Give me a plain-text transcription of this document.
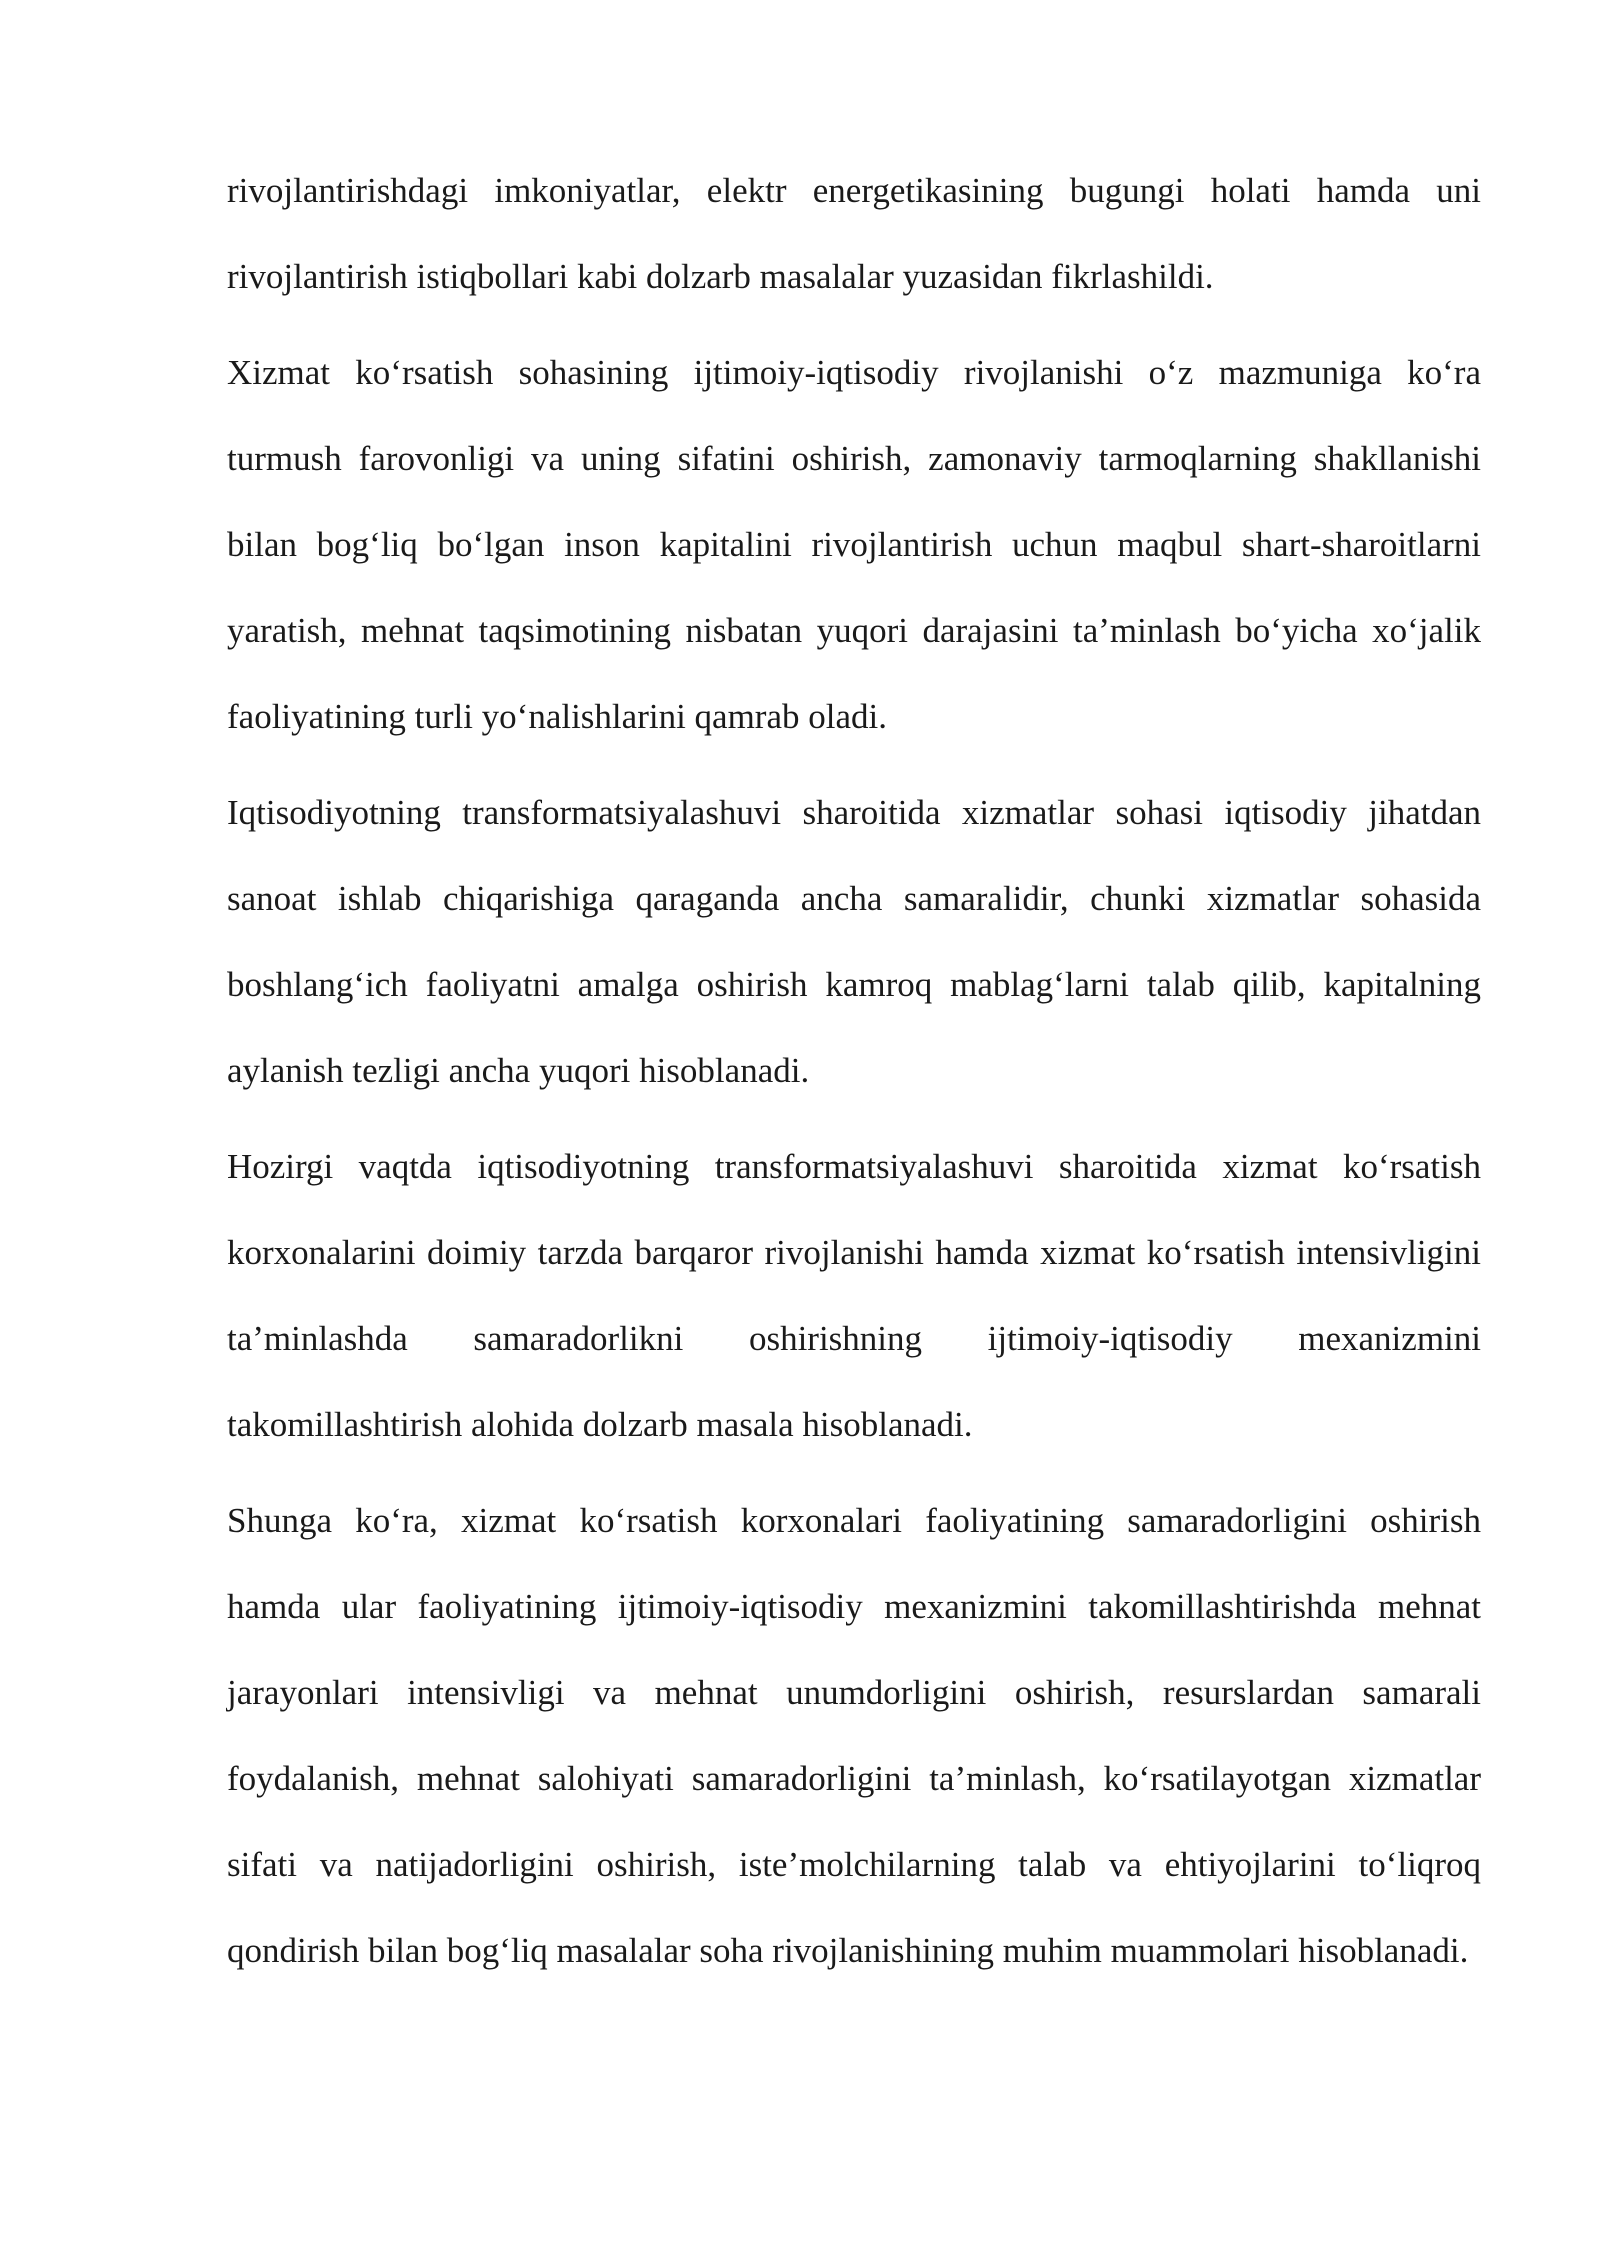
rivojlantirishdagi imkoniyatlar, elektr energetikasining bugungi holati hamda uni rivojlantirish istiqbollari kabi dolzarb masalalar yuzasidan fikrlashildi.

Xizmat ko‘rsatish sohasining ijtimoiy-iqtisodiy rivojlanishi o‘z mazmuniga ko‘ra turmush farovonligi va uning sifatini oshirish, zamonaviy tarmoqlarning shakllanishi bilan bog‘liq bo‘lgan inson kapitalini rivojlantirish uchun maqbul shart-sharoitlarni yaratish, mehnat taqsimotining nisbatan yuqori darajasini ta’minlash bo‘yicha xo‘jalik faoliyatining turli yo‘nalishlarini qamrab oladi.

Iqtisodiyotning transformatsiyalashuvi sharoitida xizmatlar sohasi iqtisodiy jihatdan sanoat ishlab chiqarishiga qaraganda ancha samaralidir, chunki xizmatlar sohasida boshlang‘ich faoliyatni amalga oshirish kamroq mablag‘larni talab qilib, kapitalning aylanish tezligi ancha yuqori hisoblanadi.

Hozirgi vaqtda iqtisodiyotning transformatsiyalashuvi sharoitida xizmat ko‘rsatish korxonalarini doimiy tarzda barqaror rivojlanishi hamda xizmat ko‘rsatish intensivligini ta’minlashda samaradorlikni oshirishning ijtimoiy-iqtisodiy mexanizmini takomillashtirish alohida dolzarb masala hisoblanadi.

Shunga ko‘ra, xizmat ko‘rsatish korxonalari faoliyatining samaradorligini oshirish hamda ular faoliyatining ijtimoiy-iqtisodiy mexanizmini takomillashtirishda mehnat jarayonlari intensivligi va mehnat unumdorligini oshirish, resurslardan samarali foydalanish, mehnat salohiyati samaradorligini ta’minlash, ko‘rsatilayotgan xizmatlar sifati va natijadorligini oshirish, iste’molchilarning talab va ehtiyojlarini to‘liqroq qondirish bilan bog‘liq masalalar soha rivojlanishining muhim muammolari hisoblanadi.
